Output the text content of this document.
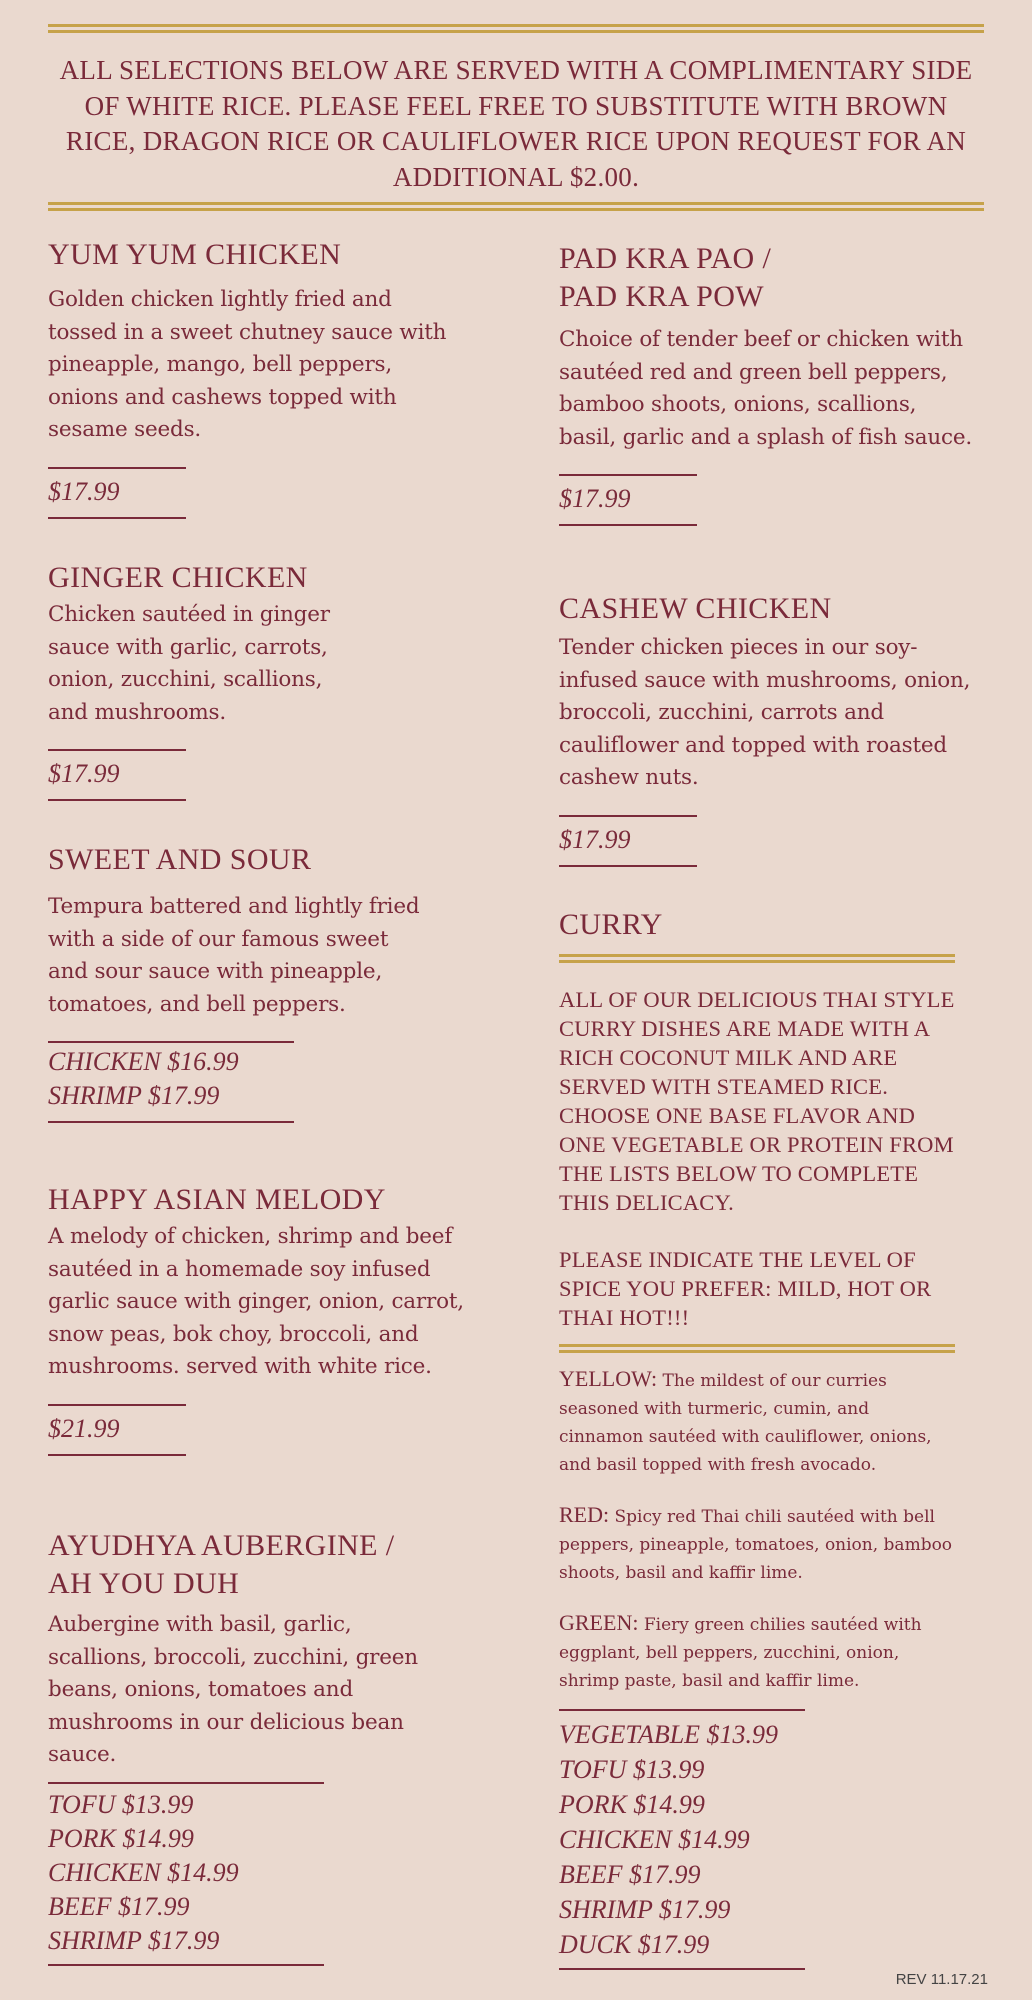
ALL SELECTIONS BELOW ARE SERVED WITH A COMPLIMENTARY SIDE OF WHITE RICE. PLEASE FEEL FREE TO SUBSTITUTE WITH BROWN RICE, DRAGON RICE OR CAULIFLOWER RICE UPON REQUEST FOR AN ADDITIONAL $2.00.
YUM YUM CHICKEN

Golden chicken lightly fried and tossed in a sweet chutney sauce with pineapple, mango, bell peppers, onions and cashews topped with sesame seeds.

$17.99
GINGER CHICKEN

Chicken sautéed in ginger sauce with garlic, carrots, onion, zucchini, scallions, and mushrooms.

$17.99
SWEET AND SOUR

Tempura battered and lightly fried with a side of our famous sweet and sour sauce with pineapple, tomatoes, and bell peppers.

CHICKEN $16.99
SHRIMP $17.99
HAPPY ASIAN MELODY

A melody of chicken, shrimp and beef sautéed in a homemade soy infused garlic sauce with ginger, onion, carrot, snow peas, bok choy, broccoli, and mushrooms. served with white rice.

$21.99
AYUDHYA AUBERGINE /
AH YOU DUH

Aubergine with basil, garlic, scallions, broccoli, zucchini, green beans, onions, tomatoes and mushrooms in our delicious bean sauce.

TOFU $13.99
PORK $14.99
CHICKEN $14.99
BEEF $17.99
SHRIMP $17.99
PAD KRA PAO /
PAD KRA POW

Choice of tender beef or chicken with sautéed red and green bell peppers, bamboo shoots, onions, scallions, basil, garlic and a splash of fish sauce.

$17.99
CASHEW CHICKEN

Tender chicken pieces in our soy-infused sauce with mushrooms, onion, broccoli, zucchini, carrots and cauliflower and topped with roasted cashew nuts.

$17.99
CURRY

ALL OF OUR DELICIOUS THAI STYLE CURRY DISHES ARE MADE WITH A RICH COCONUT MILK AND ARE SERVED WITH STEAMED RICE. CHOOSE ONE BASE FLAVOR AND ONE VEGETABLE OR PROTEIN FROM THE LISTS BELOW TO COMPLETE THIS DELICACY.

PLEASE INDICATE THE LEVEL OF SPICE YOU PREFER: MILD, HOT OR THAI HOT!!!

YELLOW: The mildest of our curries seasoned with turmeric, cumin, and cinnamon sautéed with cauliflower, onions, and basil topped with fresh avocado.

RED: Spicy red Thai chili sautéed with bell peppers, pineapple, tomatoes, onion, bamboo shoots, basil and kaffir lime.

GREEN: Fiery green chilies sautéed with eggplant, bell peppers, zucchini, onion, shrimp paste, basil and kaffir lime.

VEGETABLE $13.99
TOFU $13.99
PORK $14.99
CHICKEN $14.99
BEEF $17.99
SHRIMP $17.99
DUCK $17.99
REV 11.17.21
